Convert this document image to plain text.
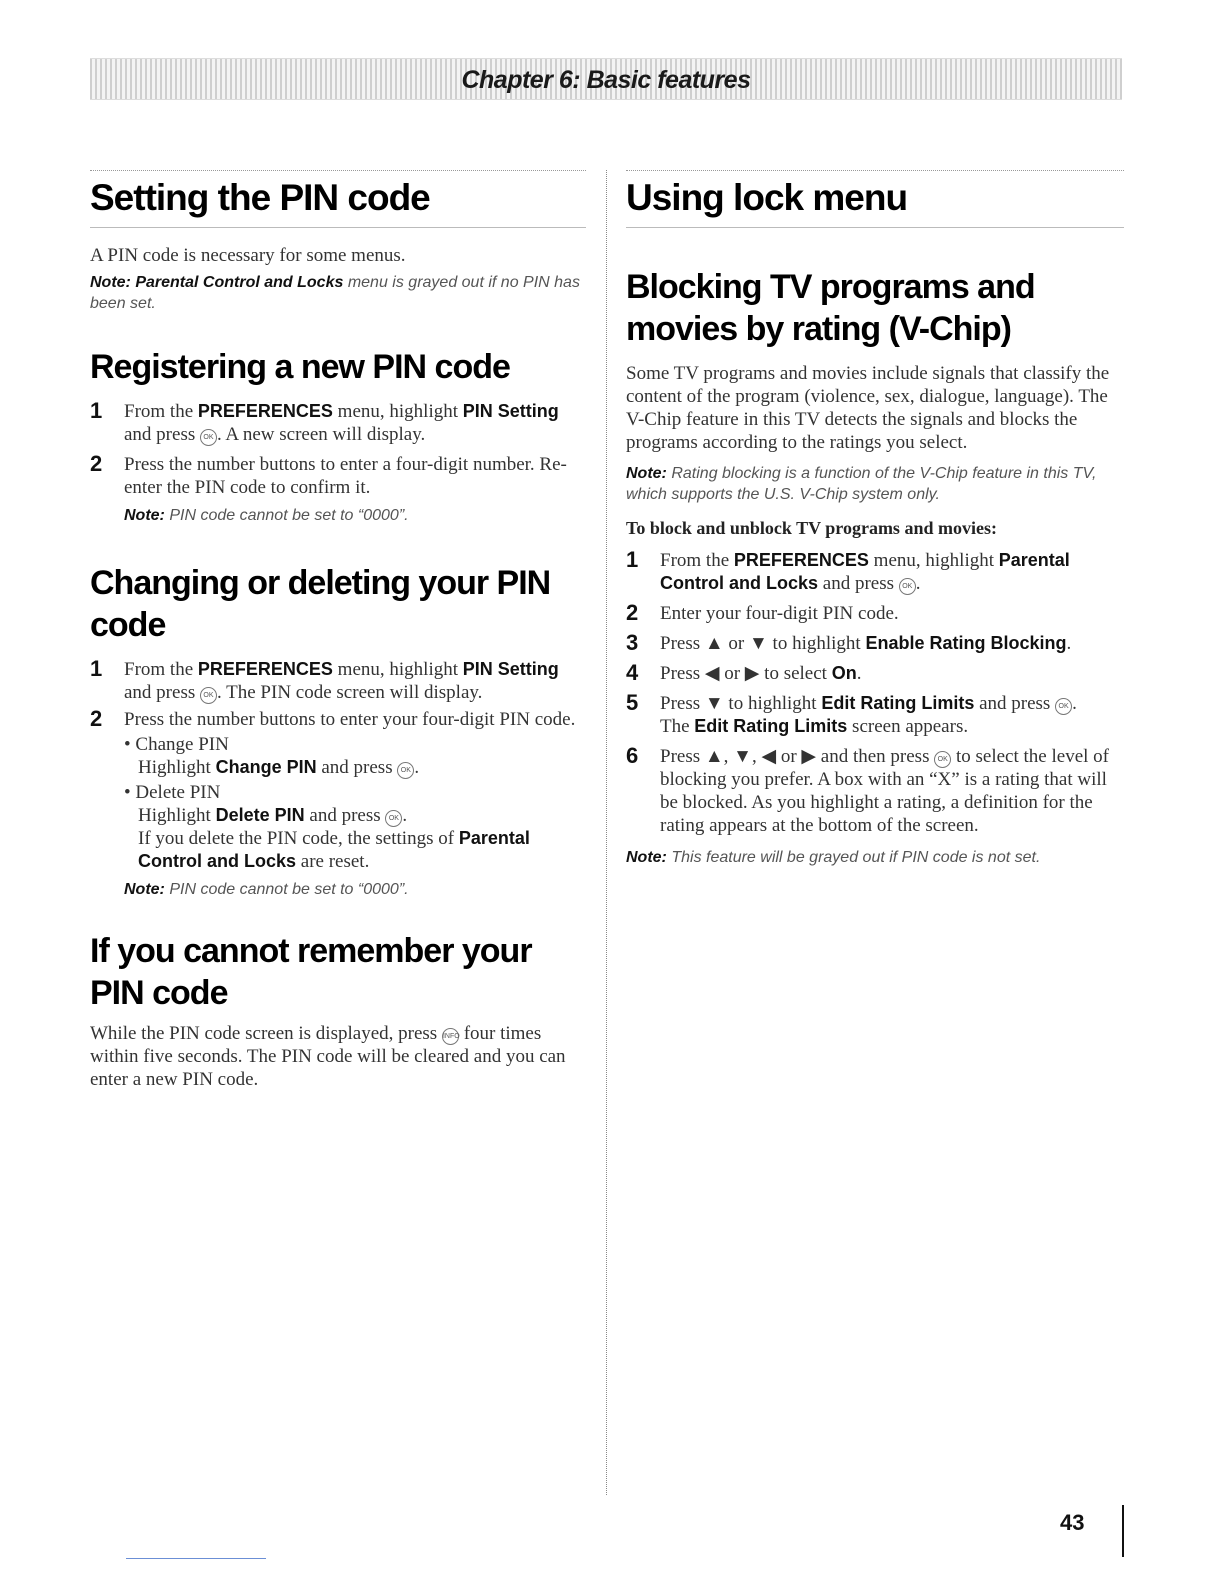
Chapter 6: Basic features
Setting the PIN code

A PIN code is necessary for some menus.

Note: Parental Control and Locks menu is grayed out if no PIN has been set.

Registering a new PIN code
1 From the PREFERENCES menu, highlight PIN Setting and press OK . A new screen will display.
2 Press the number buttons to enter a four-digit number. Re-enter the PIN code to confirm it.

Note: PIN code cannot be set to “0000”.

Changing or deleting your PIN code
1 From the PREFERENCES menu, highlight PIN Setting and press OK . The PIN code screen will display.
2 Press the number buttons to enter your four-digit PIN code.
• Change PIN
Highlight Change PIN and press OK .
• Delete PIN
Highlight Delete PIN and press OK .
If you delete the PIN code, the settings of Parental Control and Locks are reset.

Note: PIN code cannot be set to “0000”.

If you cannot remember your PIN code

While the PIN code screen is displayed, press INFO four times within five seconds. The PIN code will be cleared and you can enter a new PIN code.

Using lock menu
Blocking TV programs and movies by rating (V-Chip)

Some TV programs and movies include signals that classify the content of the program (violence, sex, dialogue, language). The V-Chip feature in this TV detects the signals and blocks the programs according to the ratings you select.

Note: Rating blocking is a function of the V-Chip feature in this TV, which supports the U.S. V-Chip system only.

To block and unblock TV programs and movies:

1 From the PREFERENCES menu, highlight Parental Control and Locks and press OK .
2 Enter your four-digit PIN code.
3 Press ▲ or ▼ to highlight Enable Rating Blocking.
4 Press ◀ or ▶ to select On.
5 Press ▼ to highlight Edit Rating Limits and press OK .
The Edit Rating Limits screen appears.
6 Press ▲, ▼, ◀ or ▶ and then press OK to select the level of blocking you prefer. A box with an “X” is a rating that will be blocked. As you highlight a rating, a definition for the rating appears at the bottom of the screen.

Note: This feature will be grayed out if PIN code is not set.

43
